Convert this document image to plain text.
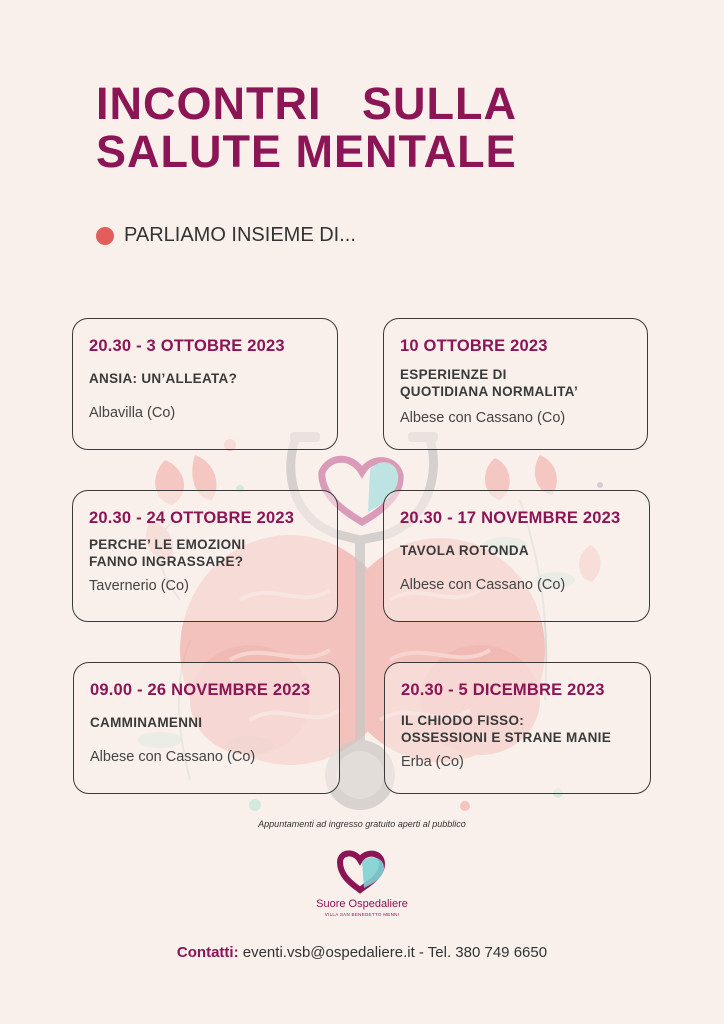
INCONTRI   SULLA
SALUTE MENTALE
PARLIAMO INSIEME DI...
20.30 - 3 OTTOBRE 2023
ANSIA: UN’ALLEATA?
Albavilla (Co)
10 OTTOBRE 2023
ESPERIENZE DI
QUOTIDIANA NORMALITA’
Albese con Cassano (Co)
20.30 - 24 OTTOBRE 2023
PERCHE’ LE EMOZIONI
FANNO INGRASSARE?
Tavernerio (Co)
20.30 - 17 NOVEMBRE 2023
TAVOLA ROTONDA
Albese con Cassano (Co)
09.00 - 26 NOVEMBRE 2023
CAMMINAMENNI
Albese con Cassano (Co)
20.30 - 5 DICEMBRE 2023
IL CHIODO FISSO:
OSSESSIONI E STRANE MANIE
Erba (Co)
Appuntamenti ad ingresso gratuito aperti al pubblico
Suore Ospedaliere
VILLA SAN BENEDETTO MENNI
Contatti: eventi.vsb@ospedaliere.it - Tel. 380 749 6650
